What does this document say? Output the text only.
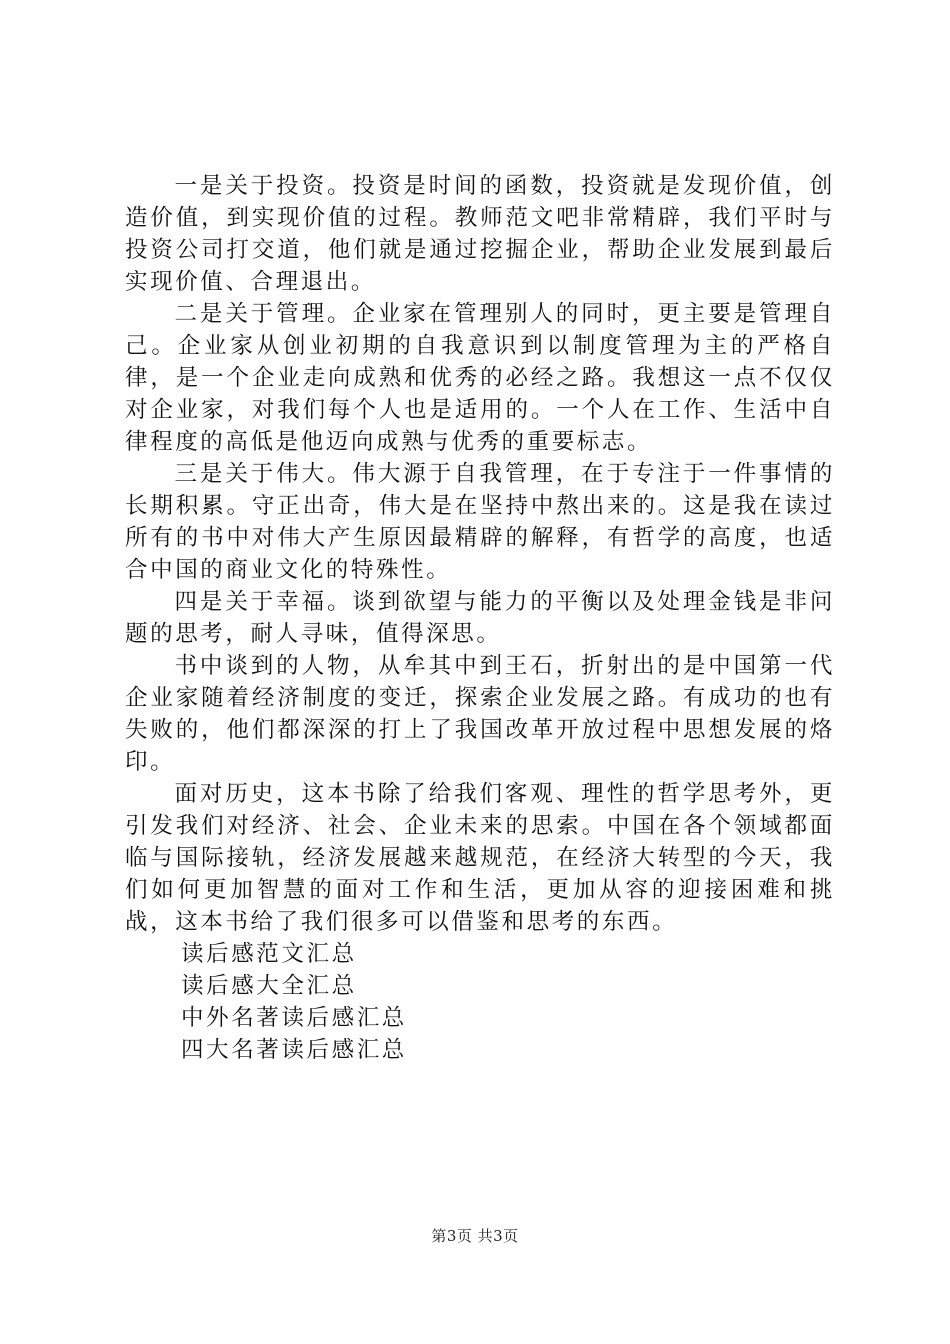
一是关于投资。投资是时间的函数，投资就是发现价值，创造价值，到实现价值的过程。教师范文吧非常精辟，我们平时与投资公司打交道，他们就是通过挖掘企业，帮助企业发展到最后实现价值、合理退出。

二是关于管理。企业家在管理别人的同时，更主要是管理自己。企业家从创业初期的自我意识到以制度管理为主的严格自律，是一个企业走向成熟和优秀的必经之路。我想这一点不仅仅对企业家，对我们每个人也是适用的。一个人在工作、生活中自律程度的高低是他迈向成熟与优秀的重要标志。

三是关于伟大。伟大源于自我管理，在于专注于一件事情的长期积累。守正出奇，伟大是在坚持中熬出来的。这是我在读过所有的书中对伟大产生原因最精辟的解释，有哲学的高度，也适合中国的商业文化的特殊性。

四是关于幸福。谈到欲望与能力的平衡以及处理金钱是非问题的思考，耐人寻味，值得深思。

书中谈到的人物，从牟其中到王石，折射出的是中国第一代企业家随着经济制度的变迁，探索企业发展之路。有成功的也有失败的，他们都深深的打上了我国改革开放过程中思想发展的烙印。

面对历史，这本书除了给我们客观、理性的哲学思考外，更引发我们对经济、社会、企业未来的思索。中国在各个领域都面临与国际接轨，经济发展越来越规范，在经济大转型的今天，我们如何更加智慧的面对工作和生活，更加从容的迎接困难和挑战，这本书给了我们很多可以借鉴和思考的东西。

读后感范文汇总
读后感大全汇总
中外名著读后感汇总
四大名著读后感汇总
第3页 共3页
